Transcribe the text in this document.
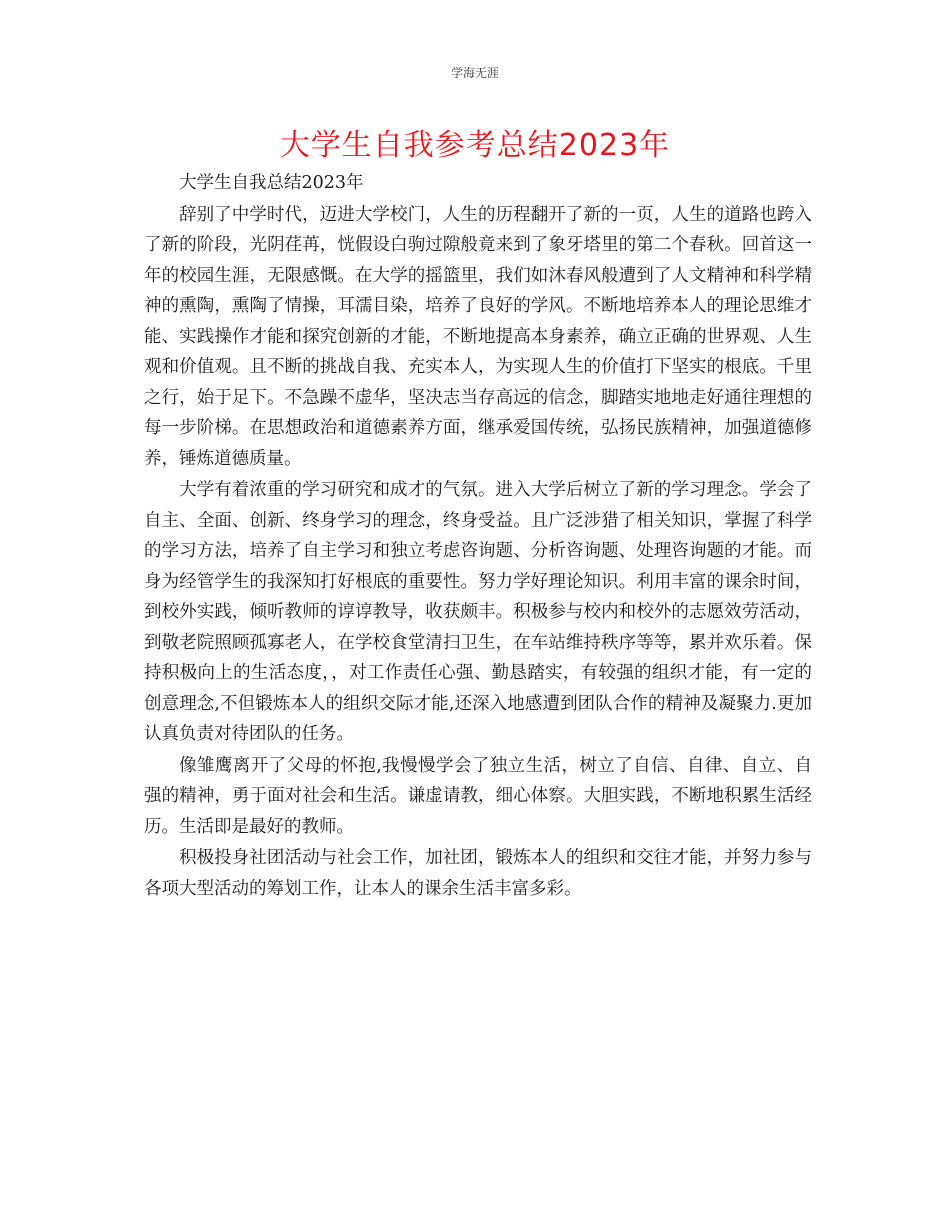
学海无涯
大学生自我参考总结2023年

大学生自我总结2023年

辞别了中学时代，迈进大学校门，人生的历程翻开了新的一页，人生的道路也跨入了新的阶段，光阴荏苒，恍假设白驹过隙般竟来到了象牙塔里的第二个春秋。回首这一年的校园生涯，无限感慨。在大学的摇篮里，我们如沐春风般遭到了人文精神和科学精神的熏陶，熏陶了情操，耳濡目染，培养了良好的学风。不断地培养本人的理论思维才能、实践操作才能和探究创新的才能，不断地提高本身素养，确立正确的世界观、人生观和价值观。且不断的挑战自我、充实本人，为实现人生的价值打下坚实的根底。千里之行，始于足下。不急躁不虚华，坚决志当存高远的信念，脚踏实地地走好通往理想的每一步阶梯。在思想政治和道德素养方面，继承爱国传统，弘扬民族精神，加强道德修养，锤炼道德质量。

大学有着浓重的学习研究和成才的气氛。进入大学后树立了新的学习理念。学会了自主、全面、创新、终身学习的理念，终身受益。且广泛涉猎了相关知识，掌握了科学的学习方法，培养了自主学习和独立考虑咨询题、分析咨询题、处理咨询题的才能。而身为经管学生的我深知打好根底的重要性。努力学好理论知识。利用丰富的课余时间，到校外实践，倾听教师的谆谆教导，收获颇丰。积极参与校内和校外的志愿效劳活动，到敬老院照顾孤寡老人，在学校食堂清扫卫生，在车站维持秩序等等，累并欢乐着。保持积极向上的生活态度，，对工作责任心强、勤恳踏实，有较强的组织才能，有一定的创意理念,不但锻炼本人的组织交际才能,还深入地感遭到团队合作的精神及凝聚力.更加认真负责对待团队的任务。

像雏鹰离开了父母的怀抱,我慢慢学会了独立生活，树立了自信、自律、自立、自强的精神，勇于面对社会和生活。谦虚请教，细心体察。大胆实践，不断地积累生活经历。生活即是最好的教师。

积极投身社团活动与社会工作，加社团，锻炼本人的组织和交往才能，并努力参与各项大型活动的筹划工作，让本人的课余生活丰富多彩。
